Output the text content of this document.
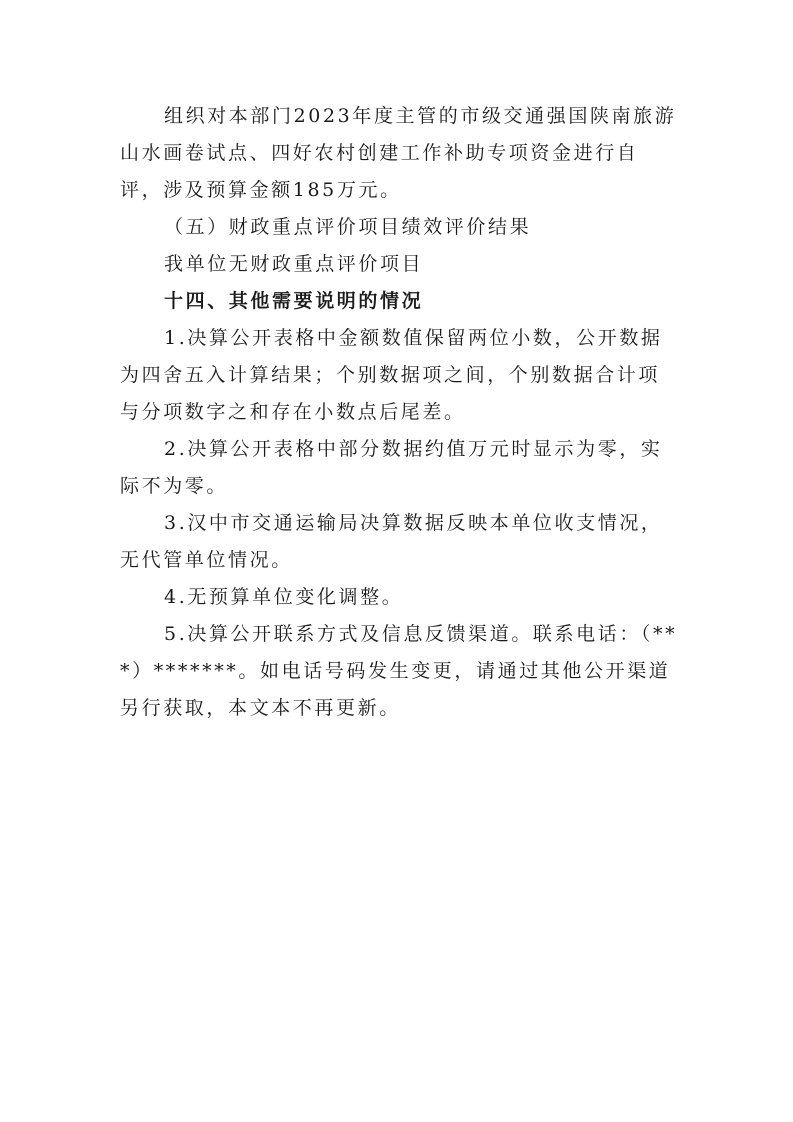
组织对本部门2023年度主管的市级交通强国陕南旅游山水画卷试点、四好农村创建工作补助专项资金进行自评，涉及预算金额185万元。

（五）财政重点评价项目绩效评价结果

我单位无财政重点评价项目

十四、其他需要说明的情况

1.决算公开表格中金额数值保留两位小数，公开数据为四舍五入计算结果；个别数据项之间，个别数据合计项与分项数字之和存在小数点后尾差。

2.决算公开表格中部分数据约值万元时显示为零，实际不为零。

3.汉中市交通运输局决算数据反映本单位收支情况，无代管单位情况。

4.无预算单位变化调整。

5.决算公开联系方式及信息反馈渠道。联系电话：（***）*******。如电话号码发生变更，请通过其他公开渠道另行获取，本文本不再更新。
